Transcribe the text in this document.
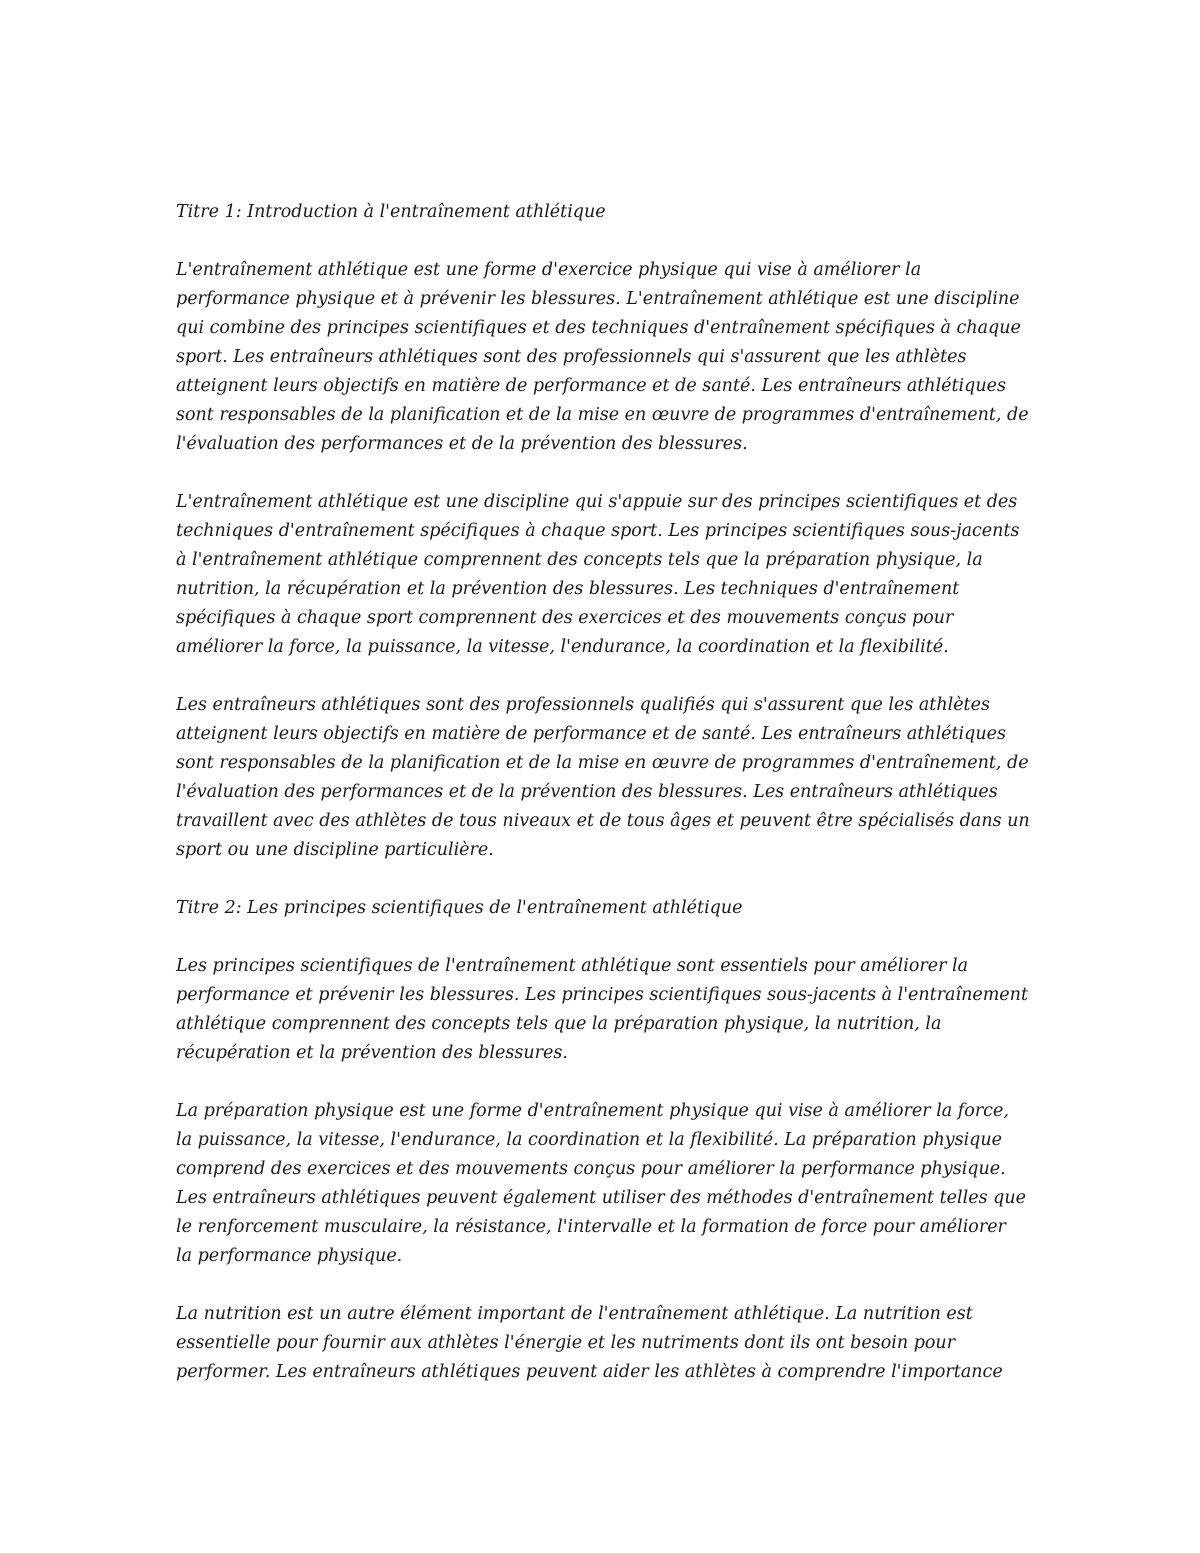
Titre 1: Introduction à l'entraînement athlétique
L'entraînement athlétique est une forme d'exercice physique qui vise à améliorer la
performance physique et à prévenir les blessures. L'entraînement athlétique est une discipline
qui combine des principes scientifiques et des techniques d'entraînement spécifiques à chaque
sport. Les entraîneurs athlétiques sont des professionnels qui s'assurent que les athlètes
atteignent leurs objectifs en matière de performance et de santé. Les entraîneurs athlétiques
sont responsables de la planification et de la mise en œuvre de programmes d'entraînement, de
l'évaluation des performances et de la prévention des blessures.
L'entraînement athlétique est une discipline qui s'appuie sur des principes scientifiques et des
techniques d'entraînement spécifiques à chaque sport. Les principes scientifiques sous-jacents
à l'entraînement athlétique comprennent des concepts tels que la préparation physique, la
nutrition, la récupération et la prévention des blessures. Les techniques d'entraînement
spécifiques à chaque sport comprennent des exercices et des mouvements conçus pour
améliorer la force, la puissance, la vitesse, l'endurance, la coordination et la flexibilité.
Les entraîneurs athlétiques sont des professionnels qualifiés qui s'assurent que les athlètes
atteignent leurs objectifs en matière de performance et de santé. Les entraîneurs athlétiques
sont responsables de la planification et de la mise en œuvre de programmes d'entraînement, de
l'évaluation des performances et de la prévention des blessures. Les entraîneurs athlétiques
travaillent avec des athlètes de tous niveaux et de tous âges et peuvent être spécialisés dans un
sport ou une discipline particulière.
Titre 2: Les principes scientifiques de l'entraînement athlétique
Les principes scientifiques de l'entraînement athlétique sont essentiels pour améliorer la
performance et prévenir les blessures. Les principes scientifiques sous-jacents à l'entraînement
athlétique comprennent des concepts tels que la préparation physique, la nutrition, la
récupération et la prévention des blessures.
La préparation physique est une forme d'entraînement physique qui vise à améliorer la force,
la puissance, la vitesse, l'endurance, la coordination et la flexibilité. La préparation physique
comprend des exercices et des mouvements conçus pour améliorer la performance physique.
Les entraîneurs athlétiques peuvent également utiliser des méthodes d'entraînement telles que
le renforcement musculaire, la résistance, l'intervalle et la formation de force pour améliorer
la performance physique.
La nutrition est un autre élément important de l'entraînement athlétique. La nutrition est
essentielle pour fournir aux athlètes l'énergie et les nutriments dont ils ont besoin pour
performer. Les entraîneurs athlétiques peuvent aider les athlètes à comprendre l'importance
